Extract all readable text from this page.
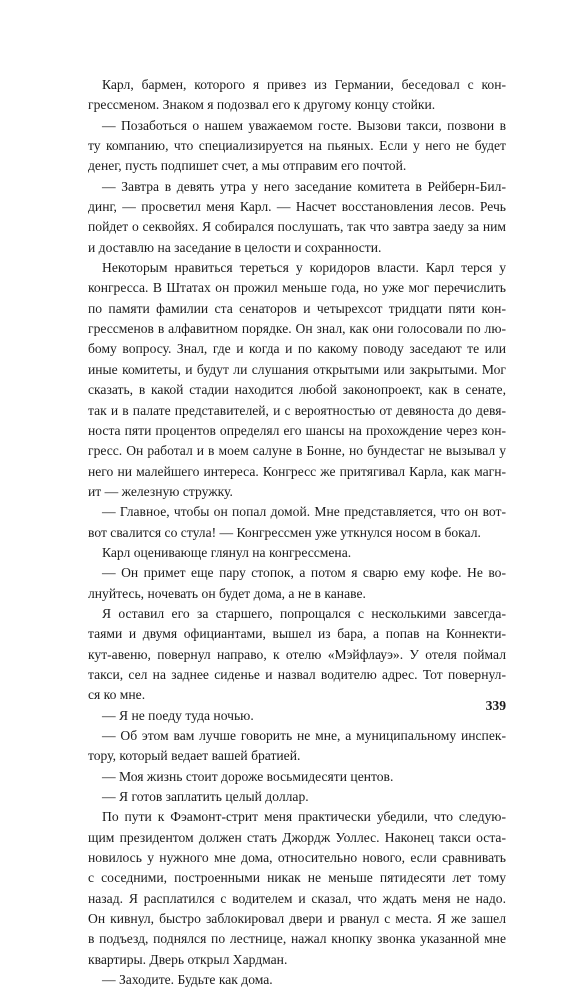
Карл, бармен, которого я привез из Германии, беседовал с кон-
грессменом. Знаком я подозвал его к другому концу стойки.
— Позаботься о нашем уважаемом госте. Вызови такси, позвони в
ту компанию, что специализируется на пьяных. Если у него не будет
денег, пусть подпишет счет, а мы отправим его почтой.
— Завтра в девять утра у него заседание комитета в Рейберн-Бил-
динг, — просветил меня Карл. — Насчет восстановления лесов. Речь
пойдет о секвойях. Я собирался послушать, так что завтра заеду за ним
и доставлю на заседание в целости и сохранности.
Некоторым нравиться тереться у коридоров власти. Карл терся у
конгресса. В Штатах он прожил меньше года, но уже мог перечислить
по памяти фамилии ста сенаторов и четырехсот тридцати пяти кон-
грессменов в алфавитном порядке. Он знал, как они голосовали по лю-
бому вопросу. Знал, где и когда и по какому поводу заседают те или
иные комитеты, и будут ли слушания открытыми или закрытыми. Мог
сказать, в какой стадии находится любой законопроект, как в сенате,
так и в палате представителей, и с вероятностью от девяноста до девя-
носта пяти процентов определял его шансы на прохождение через кон-
гресс. Он работал и в моем салуне в Бонне, но бундестаг не вызывал у
него ни малейшего интереса. Конгресс же притягивал Карла, как магн-
ит — железную стружку.
— Главное, чтобы он попал домой. Мне представляется, что он вот-
вот свалится со стула! — Конгрессмен уже уткнулся носом в бокал.
Карл оценивающе глянул на конгрессмена.
— Он примет еще пару стопок, а потом я сварю ему кофе. Не во-
лнуйтесь, ночевать он будет дома, а не в канаве.
Я оставил его за старшего, попрощался с несколькими завсегда-
таями и двумя официантами, вышел из бара, а попав на Коннекти-
кут-авеню, повернул направо, к отелю «Мэйфлауэ». У отеля поймал
такси, сел на заднее сиденье и назвал водителю адрес. Тот повернул-
ся ко мне.
— Я не поеду туда ночью.
— Об этом вам лучше говорить не мне, а муниципальному инспек-
тору, который ведает вашей братией.
— Моя жизнь стоит дороже восьмидесяти центов.
— Я готов заплатить целый доллар.
По пути к Фэамонт-стрит меня практически убедили, что следую-
щим президентом должен стать Джордж Уоллес. Наконец такси оста-
новилось у нужного мне дома, относительно нового, если сравнивать
с соседними, построенными никак не меньше пятидесяти лет тому
назад. Я расплатился с водителем и сказал, что ждать меня не надо.
Он кивнул, быстро заблокировал двери и рванул с места. Я же зашел
в подъезд, поднялся по лестнице, нажал кнопку звонка указанной мне
квартиры. Дверь открыл Хардман.
— Заходите. Будьте как дома.
339
